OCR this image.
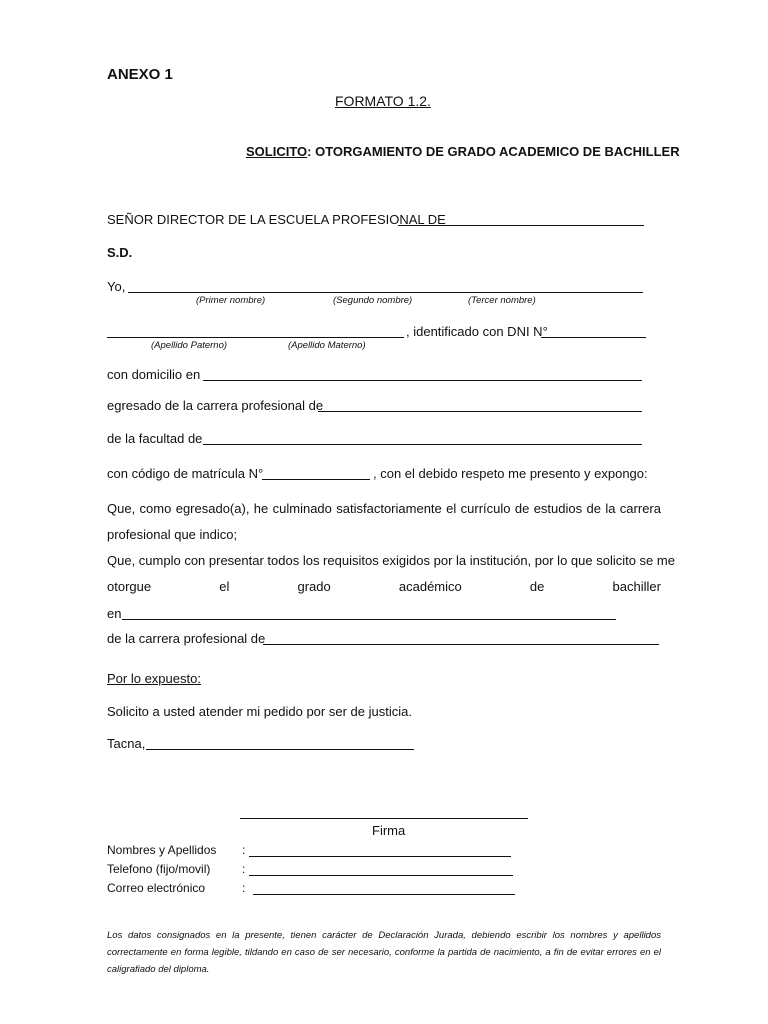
ANEXO 1
FORMATO 1.2.
SOLICITO: OTORGAMIENTO DE GRADO ACADEMICO DE BACHILLER
SEÑOR DIRECTOR DE LA ESCUELA PROFESIONAL DE
S.D.
Yo,
(Primer nombre)	(Segundo nombre)	(Tercer nombre)
, identificado con DNI N°
(Apellido Paterno)	(Apellido Materno)
con domicilio en
egresado de la carrera profesional de
de la facultad de
con código de matrícula N°	, con el debido respeto me presento y expongo:
Que, como egresado(a), he culminado satisfactoriamente el currículo de estudios de la carrera profesional que indico;
Que, cumplo con presentar todos los requisitos exigidos por la institución, por lo que solicito se me
otorgue	el	grado	académico	de	bachiller
en
de la carrera profesional de
Por lo expuesto:
Solicito a usted atender mi pedido por ser de justicia.
Tacna,
Firma
Nombres y Apellidos :
Telefono (fijo/movil)	:
Correo electrónico	:
Los datos consignados en la presente, tienen carácter de Declaración Jurada, debiendo escribir los nombres y apellidos correctamente en forma legible, tildando en caso de ser necesario, conforme la partida de nacimiento, a fin de evitar errores en el caligrafiado del diploma.
